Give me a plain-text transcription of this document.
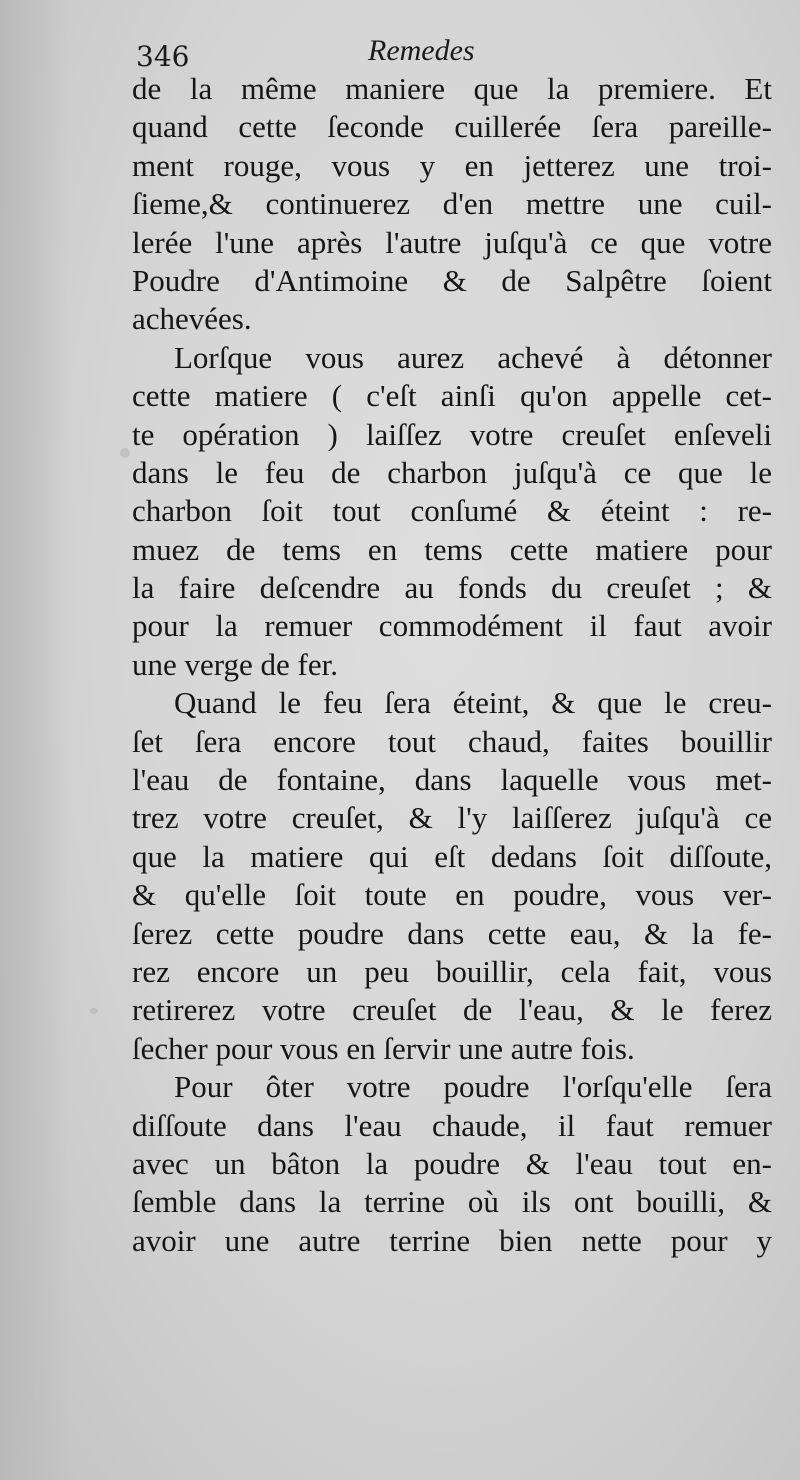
346	Remedes
de la même maniere que la premiere. Et
quand cette ſeconde cuillerée ſera pareille-
ment rouge, vous y en jetterez une troi-
ſieme,& continuerez d'en mettre une cuil-
lerée l'une après l'autre juſqu'à ce que votre
Poudre d'Antimoine & de Salpêtre ſoient
achevées.
Lorſque vous aurez achevé à détonner
cette matiere ( c'eſt ainſi qu'on appelle cet-
te opération ) laiſſez votre creuſet enſeveli
dans le feu de charbon juſqu'à ce que le
charbon ſoit tout conſumé & éteint : re-
muez de tems en tems cette matiere pour
la faire deſcendre au fonds du creuſet ; &
pour la remuer commodément il faut avoir
une verge de fer.
Quand le feu ſera éteint, & que le creu-
ſet ſera encore tout chaud, faites bouillir
l'eau de fontaine, dans laquelle vous met-
trez votre creuſet, & l'y laiſſerez juſqu'à ce
que la matiere qui eſt dedans ſoit diſſoute,
& qu'elle ſoit toute en poudre, vous ver-
ſerez cette poudre dans cette eau, & la fe-
rez encore un peu bouillir, cela fait, vous
retirerez votre creuſet de l'eau, & le ferez
ſecher pour vous en ſervir une autre fois.
Pour ôter votre poudre l'orſqu'elle ſera
diſſoute dans l'eau chaude, il faut remuer
avec un bâton la poudre & l'eau tout en-
ſemble dans la terrine où ils ont bouilli, &
avoir une autre terrine bien nette pour y
